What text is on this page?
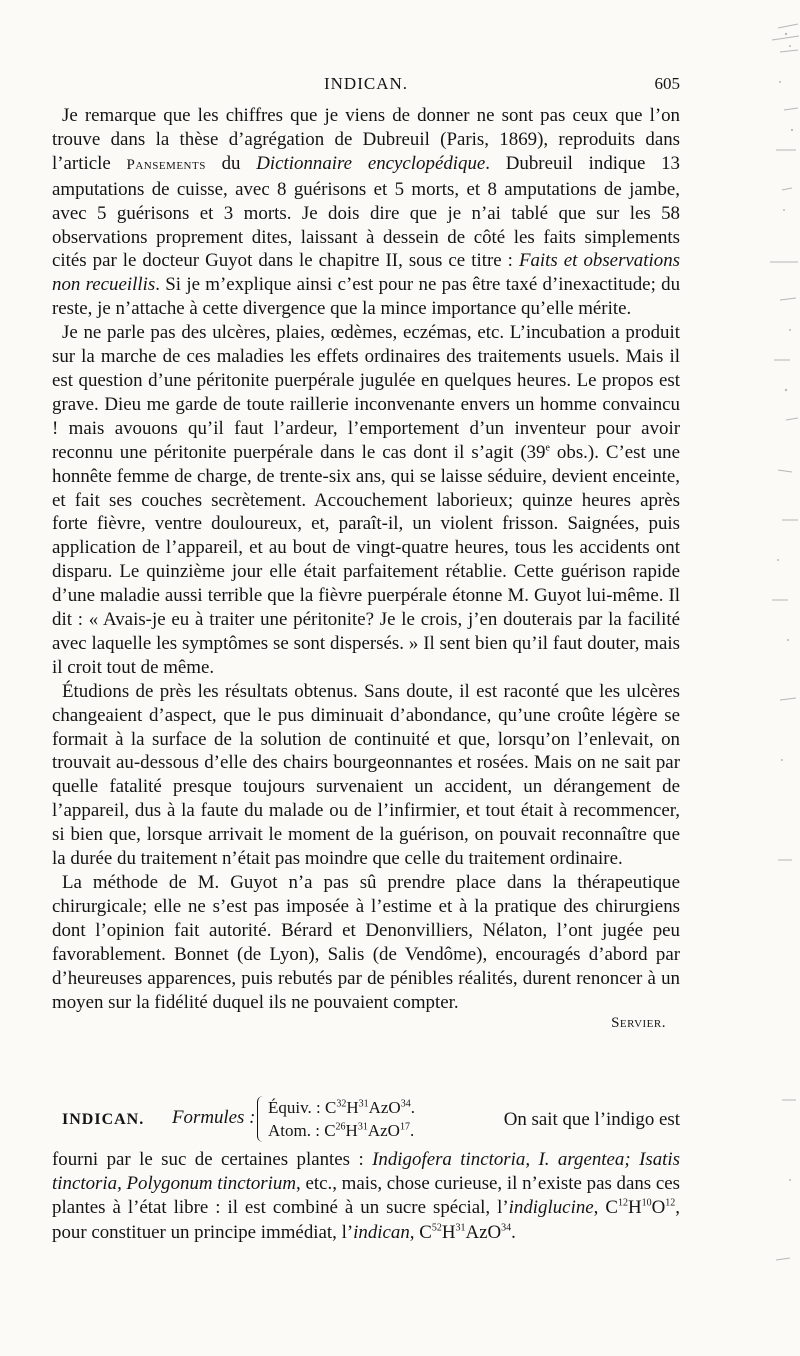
INDICAN.	605

Je remarque que les chiffres que je viens de donner ne sont pas ceux que l’on trouve dans la thèse d’agrégation de Dubreuil (Paris, 1869), reproduits dans l’article Pansements du Dictionnaire encyclopédique. Dubreuil indique 13 amputations de cuisse, avec 8 guérisons et 5 morts, et 8 amputations de jambe, avec 5 guérisons et 3 morts. Je dois dire que je n’ai tablé que sur les 58 observations proprement dites, laissant à dessein de côté les faits simplements cités par le docteur Guyot dans le chapitre II, sous ce titre : Faits et observations non recueillis. Si je m’explique ainsi c’est pour ne pas être taxé d’inexactitude; du reste, je n’attache à cette divergence que la mince importance qu’elle mérite.

Je ne parle pas des ulcères, plaies, œdèmes, eczémas, etc. L’incubation a produit sur la marche de ces maladies les effets ordinaires des traitements usuels. Mais il est question d’une péritonite puerpérale jugulée en quelques heures. Le propos est grave. Dieu me garde de toute raillerie inconvenante envers un homme convaincu ! mais avouons qu’il faut l’ardeur, l’emportement d’un inventeur pour avoir reconnu une péritonite puerpérale dans le cas dont il s’agit (39e obs.). C’est une honnête femme de charge, de trente-six ans, qui se laisse séduire, devient enceinte, et fait ses couches secrètement. Accouchement laborieux; quinze heures après forte fièvre, ventre douloureux, et, paraît-il, un violent frisson. Saignées, puis application de l’appareil, et au bout de vingt-quatre heures, tous les accidents ont disparu. Le quinzième jour elle était parfaitement rétablie. Cette guérison rapide d’une maladie aussi terrible que la fièvre puerpérale étonne M. Guyot lui-même. Il dit : « Avais-je eu à traiter une péritonite? Je le crois, j’en douterais par la facilité avec laquelle les symptômes se sont dispersés. » Il sent bien qu’il faut douter, mais il croit tout de même.

Étudions de près les résultats obtenus. Sans doute, il est raconté que les ulcères changeaient d’aspect, que le pus diminuait d’abondance, qu’une croûte légère se formait à la surface de la solution de continuité et que, lorsqu’on l’enlevait, on trouvait au-dessous d’elle des chairs bourgeonnantes et rosées. Mais on ne sait par quelle fatalité presque toujours survenaient un accident, un dérangement de l’appareil, dus à la faute du malade ou de l’infirmier, et tout était à recommencer, si bien que, lorsque arrivait le moment de la guérison, on pouvait reconnaître que la durée du traitement n’était pas moindre que celle du traitement ordinaire.

La méthode de M. Guyot n’a pas sû prendre place dans la thérapeutique chirurgicale; elle ne s’est pas imposée à l’estime et à la pratique des chirurgiens dont l’opinion fait autorité. Bérard et Denonvilliers, Nélaton, l’ont jugée peu favorablement. Bonnet (de Lyon), Salis (de Vendôme), encouragés d’abord par d’heureuses apparences, puis rebutés par de pénibles réalités, durent renoncer à un moyen sur la fidélité duquel ils ne pouvaient compter.

Servier.
INDICAN. Formules : Équiv. : $C^{32}H^{31}AzO^{34}$.
Atom. : $C^{26}H^{31}AzO^{17}$.
On sait que l’indigo est

fourni par le suc de certaines plantes : Indigofera tinctoria, I. argentea; Isatis tinctoria, Polygonum tinctorium, etc., mais, chose curieuse, il n’existe pas dans ces plantes à l’état libre : il est combiné à un sucre spécial, l’indiglucine, $C^{12}H^{10}O^{12}$, pour constituer un principe immédiat, l’indican, $C^{52}H^{31}AzO^{34}$.
